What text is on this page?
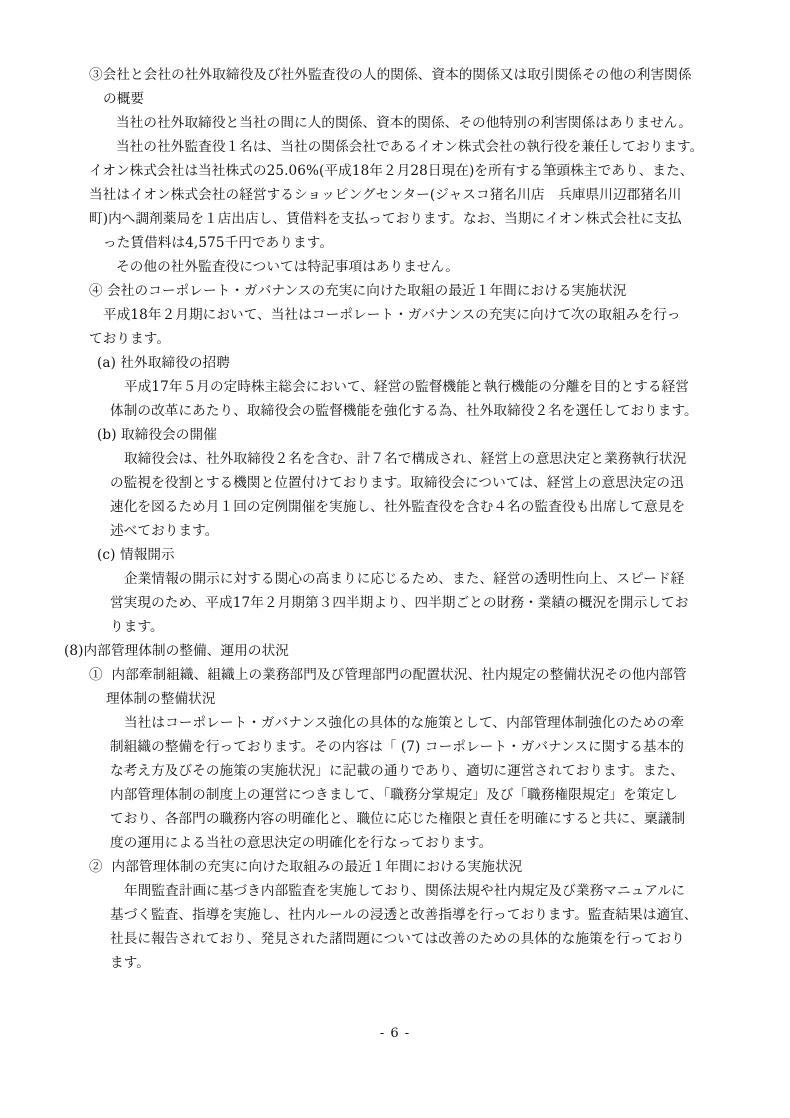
③会社と会社の社外取締役及び社外監査役の人的関係、資本的関係又は取引関係その他の利害関係
の概要
当社の社外取締役と当社の間に人的関係、資本的関係、その他特別の利害関係はありません。
当社の社外監査役１名は、当社の関係会社であるイオン株式会社の執行役を兼任しております。
イオン株式会社は当社株式の25.06%(平成18年２月28日現在)を所有する筆頭株主であり、また、
当社はイオン株式会社の経営するショッピングセンター(ジャスコ猪名川店　兵庫県川辺郡猪名川
町)内へ調剤薬局を１店出店し、賃借料を支払っております。なお、当期にイオン株式会社に支払
った賃借料は4,575千円であります。
その他の社外監査役については特記事項はありません。
④ 会社のコーポレート・ガバナンスの充実に向けた取組の最近１年間における実施状況
平成18年２月期において、当社はコーポレート・ガバナンスの充実に向けて次の取組みを行っ
ております。
(a) 社外取締役の招聘
平成17年５月の定時株主総会において、経営の監督機能と執行機能の分離を目的とする経営
体制の改革にあたり、取締役会の監督機能を強化する為、社外取締役２名を選任しております。
(b) 取締役会の開催
取締役会は、社外取締役２名を含む、計７名で構成され、経営上の意思決定と業務執行状況
の監視を役割とする機関と位置付けております。取締役会については、経営上の意思決定の迅
速化を図るため月１回の定例開催を実施し、社外監査役を含む４名の監査役も出席して意見を
述べております。
(c) 情報開示
企業情報の開示に対する関心の高まりに応じるため、また、経営の透明性向上、スピード経
営実現のため、平成17年２月期第３四半期より、四半期ごとの財務・業績の概況を開示してお
ります。
(8)内部管理体制の整備、運用の状況
①  内部牽制組織、組織上の業務部門及び管理部門の配置状況、社内規定の整備状況その他内部管
理体制の整備状況
当社はコーポレート・ガバナンス強化の具体的な施策として、内部管理体制強化のための牽
制組織の整備を行っております。その内容は「 (7) コーポレート・ガバナンスに関する基本的
な考え方及びその施策の実施状況」に記載の通りであり、適切に運営されております。また、
内部管理体制の制度上の運営につきまして、「職務分掌規定」及び「職務権限規定」を策定し
ており、各部門の職務内容の明確化と、職位に応じた権限と責任を明確にすると共に、稟議制
度の運用による当社の意思決定の明確化を行なっております。
②  内部管理体制の充実に向けた取組みの最近１年間における実施状況
年間監査計画に基づき内部監査を実施しており、関係法規や社内規定及び業務マニュアルに
基づく監査、指導を実施し、社内ルールの浸透と改善指導を行っております。監査結果は適宜、
社長に報告されており、発見された諸問題については改善のための具体的な施策を行っており
ます。
- 6 -
